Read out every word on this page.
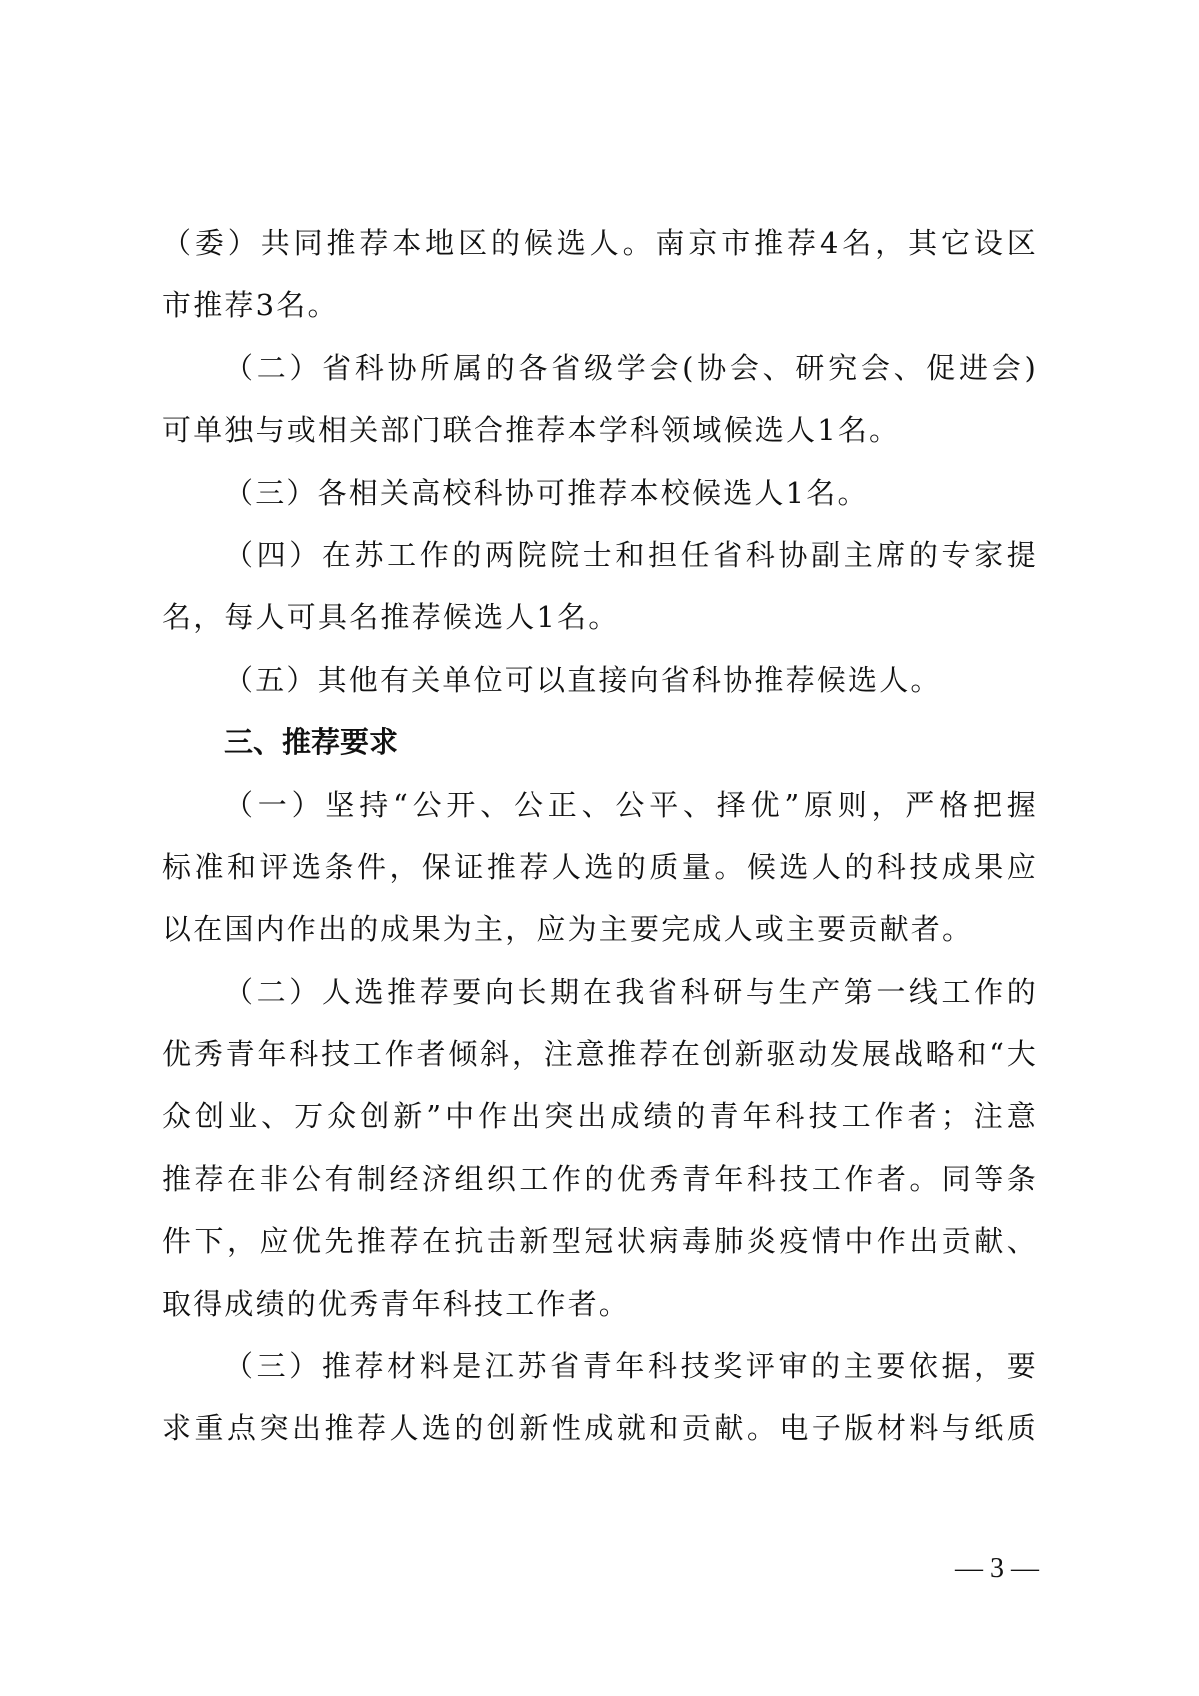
（委）共同推荐本地区的候选人。南京市推荐4名，其它设区
市推荐3名。
（二）省科协所属的各省级学会(协会、研究会、促进会)
可单独与或相关部门联合推荐本学科领域候选人1名。
（三）各相关高校科协可推荐本校候选人1名。
（四）在苏工作的两院院士和担任省科协副主席的专家提
名，每人可具名推荐候选人1名。
（五）其他有关单位可以直接向省科协推荐候选人。
三、推荐要求
（一）坚持“公开、公正、公平、择优”原则，严格把握
标准和评选条件，保证推荐人选的质量。候选人的科技成果应
以在国内作出的成果为主，应为主要完成人或主要贡献者。
（二）人选推荐要向长期在我省科研与生产第一线工作的
优秀青年科技工作者倾斜，注意推荐在创新驱动发展战略和“大
众创业、万众创新”中作出突出成绩的青年科技工作者；注意
推荐在非公有制经济组织工作的优秀青年科技工作者。同等条
件下，应优先推荐在抗击新型冠状病毒肺炎疫情中作出贡献、
取得成绩的优秀青年科技工作者。
（三）推荐材料是江苏省青年科技奖评审的主要依据，要
求重点突出推荐人选的创新性成就和贡献。电子版材料与纸质
— 3 —
